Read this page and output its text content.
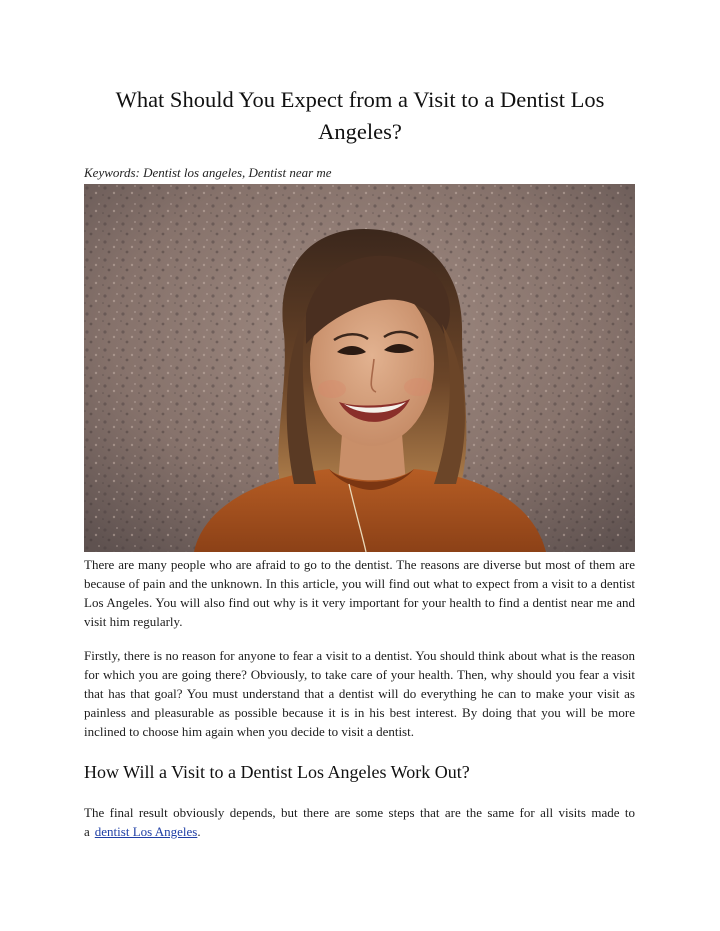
What Should You Expect from a Visit to a Dentist Los Angeles?

Keywords: Dentist los angeles, Dentist near me

There are many people who are afraid to go to the dentist. The reasons are diverse but most of them are because of pain and the unknown. In this article, you will find out what to expect from a visit to a dentist Los Angeles. You will also find out why is it very important for your health to find a dentist near me and visit him regularly.

Firstly, there is no reason for anyone to fear a visit to a dentist. You should think about what is the reason for which you are going there? Obviously, to take care of your health. Then, why should you fear a visit that has that goal? You must understand that a dentist will do everything he can to make your visit as painless and pleasurable as possible because it is in his best interest. By doing that you will be more inclined to choose him again when you decide to visit a dentist.

How Will a Visit to a Dentist Los Angeles Work Out?

The final result obviously depends, but there are some steps that are the same for all visits made to a dentist Los Angeles.
